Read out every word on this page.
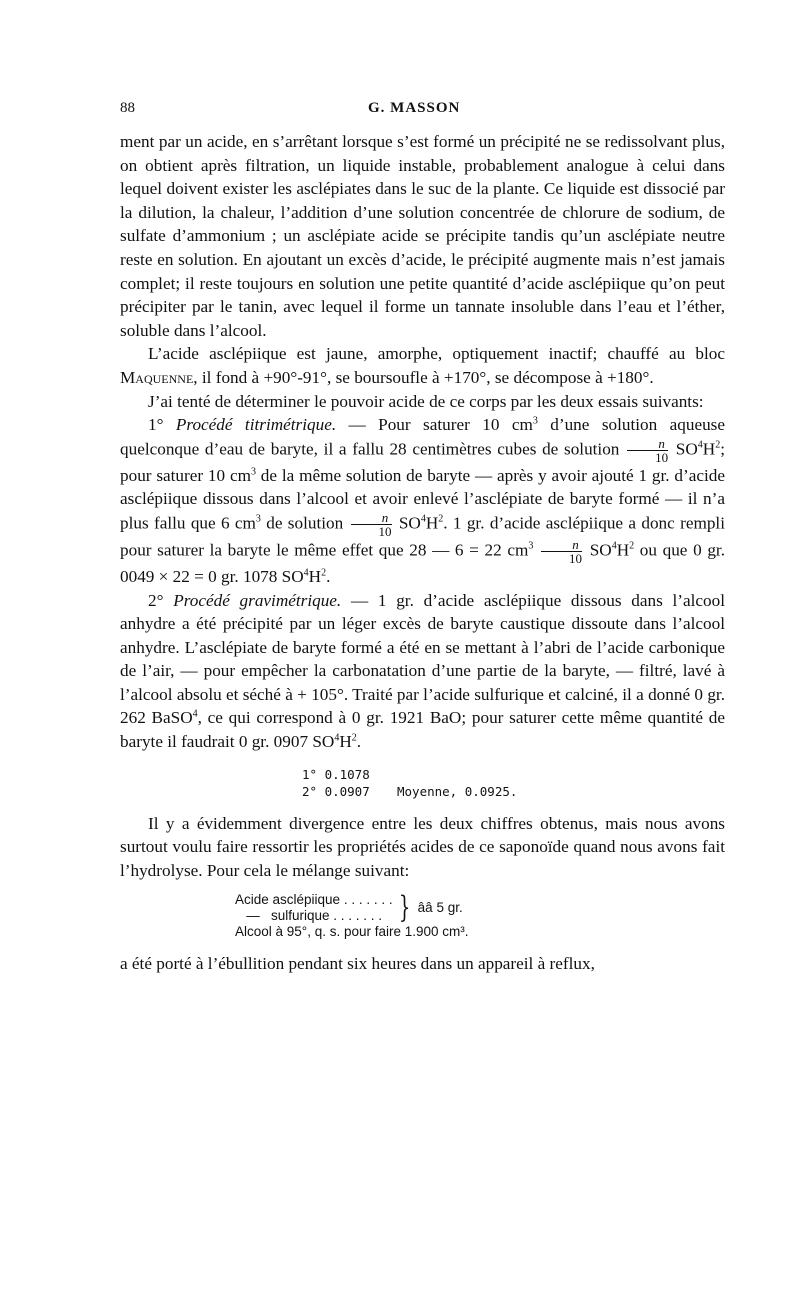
88	G. MASSON

ment par un acide, en s’arrêtant lorsque s’est formé un précipité ne se redissolvant plus, on obtient après filtration, un liquide instable, probablement analogue à celui dans lequel doivent exister les asclépiates dans le suc de la plante. Ce liquide est dissocié par la dilution, la chaleur, l’addition d’une solution concentrée de chlorure de sodium, de sulfate d’ammonium ; un asclépiate acide se précipite tandis qu’un asclépiate neutre reste en solution. En ajoutant un excès d’acide, le précipité augmente mais n’est jamais complet; il reste toujours en solution une petite quantité d’acide asclépiique qu’on peut précipiter par le tanin, avec lequel il forme un tannate insoluble dans l’eau et l’éther, soluble dans l’alcool.

L’acide asclépiique est jaune, amorphe, optiquement inactif; chauffé au bloc Maquenne, il fond à +90°-91°, se boursoufle à +170°, se décompose à +180°.

J’ai tenté de déterminer le pouvoir acide de ce corps par les deux essais suivants:

1° Procédé titrimétrique. — Pour saturer 10 $cm^3$ d’une solution aqueuse quelconque d’eau de baryte, il a fallu 28 centimètres cubes de solution $\frac{n}{10} SO^4H^2$; pour saturer 10 $cm^3$ de la même solution de baryte — après y avoir ajouté 1 gr. d’acide asclépiique dissous dans l’alcool et avoir enlevé l’asclépiate de baryte formé — il n’a plus fallu que 6 $cm^3$ de solution $\frac{n}{10} SO^4H^2$. 1 gr. d’acide asclépiique a donc rempli pour saturer la baryte le même effet que 28 — 6 = 22 $cm^3 \frac{n}{10} SO^4H^2$ ou que 0 gr. 0049 × 22 = 0 gr. 1078 $SO^4H^2$.

2° Procédé gravimétrique. — 1 gr. d’acide asclépiique dissous dans l’alcool anhydre a été précipité par un léger excès de baryte caustique dissoute dans l’alcool anhydre. L’asclépiate de baryte formé a été en se mettant à l’abri de l’acide carbonique de l’air, — pour empêcher la carbonatation d’une partie de la baryte, — filtré, lavé à l’alcool absolu et séché à + 105°. Traité par l’acide sulfurique et calciné, il a donné 0 gr. 262 BaSO$^4$, ce qui correspond à 0 gr. 1921 BaO; pour saturer cette même quantité de baryte il faudrait 0 gr. 0907 $SO^4H^2$.

1° 0.1078
2° 0.0907 Moyenne, 0.0925.

Il y a évidemment divergence entre les deux chiffres obtenus, mais nous avons surtout voulu faire ressortir les propriétés acides de ce saponoïde quand nous avons fait l’hydrolyse. Pour cela le mélange suivant:

Acide asclépiique . . . . . . .
—   sulfurique . . . . . . . } ââ 5 gr.
Alcool à 95°, q. s. pour faire 1.900 cm³.

a été porté à l’ébullition pendant six heures dans un appareil à reflux,
